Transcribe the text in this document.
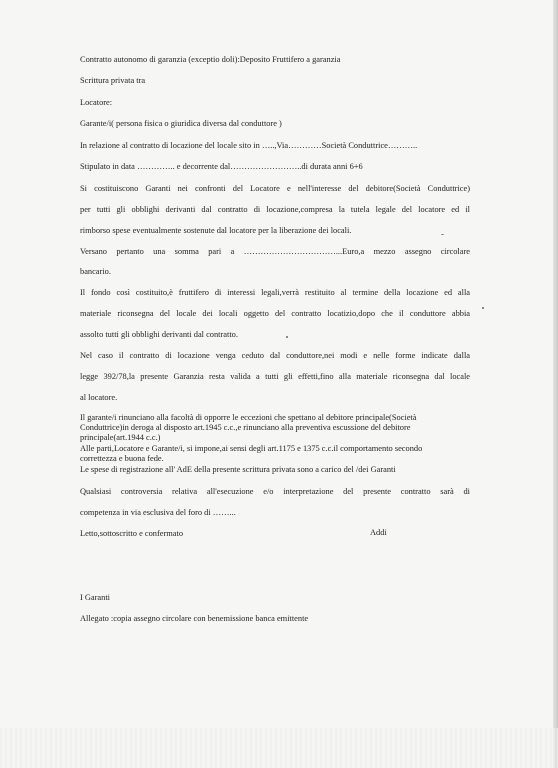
Contratto autonomo di garanzia (exceptio doli):Deposito Fruttifero a garanzia
Scrittura privata tra
Locatore:
Garante/i( persona fisica o giuridica diversa dal conduttore )
In relazione al contratto di locazione del locale sito in …..,Via…………Società Conduttrice………..
Stipulato in data ………….. e decorrente dal……………………..di durata anni 6+6
Si costituiscono Garanti nei confronti del Locatore e nell'interesse del debitore(Società Conduttrice)
per tutti gli obblighi derivanti dal contratto di locazione,compresa la tutela legale del locatore ed il
rimborso spese eventualmente sostenute dal locatore per la liberazione dei locali.
Versano pertanto una somma pari a ……………………………...Euro,a mezzo assegno circolare
bancario.
Il fondo così costituito,è fruttifero di interessi legali,verrà restituito al termine della locazione ed alla
materiale riconsegna del locale dei locali oggetto del contratto locatizio,dopo che il conduttore abbia
assolto tutti gli obblighi derivanti dal contratto.
Nel caso il contratto di locazione venga ceduto dal conduttore,nei modi e nelle forme indicate dalla
legge 392/78,la presente Garanzia resta valida a tutti gli effetti,fino alla materiale riconsegna dal locale
al locatore.
Il garante/i rinunciano alla facoltà di opporre le eccezioni che spettano al debitore principale(Società
Conduttrice)in deroga al disposto art.1945 c.c.,e rinunciano alla preventiva escussione del debitore
principale(art.1944 c.c.)
Alle parti,Locatore e Garante/i, si impone,ai sensi degli art.1175 e 1375 c.c.il comportamento secondo
correttezza e buona fede.
Le spese di registrazione all' AdE della presente scrittura privata sono a carico del /dei Garanti
Qualsiasi controversia relativa all'esecuzione e/o interpretazione del presente contratto sarà di
competenza in via esclusiva del foro di ……...
Letto,sottoscritto e confermato	Addi
I Garanti
Allegato :copia assegno circolare con benemissione banca emittente
